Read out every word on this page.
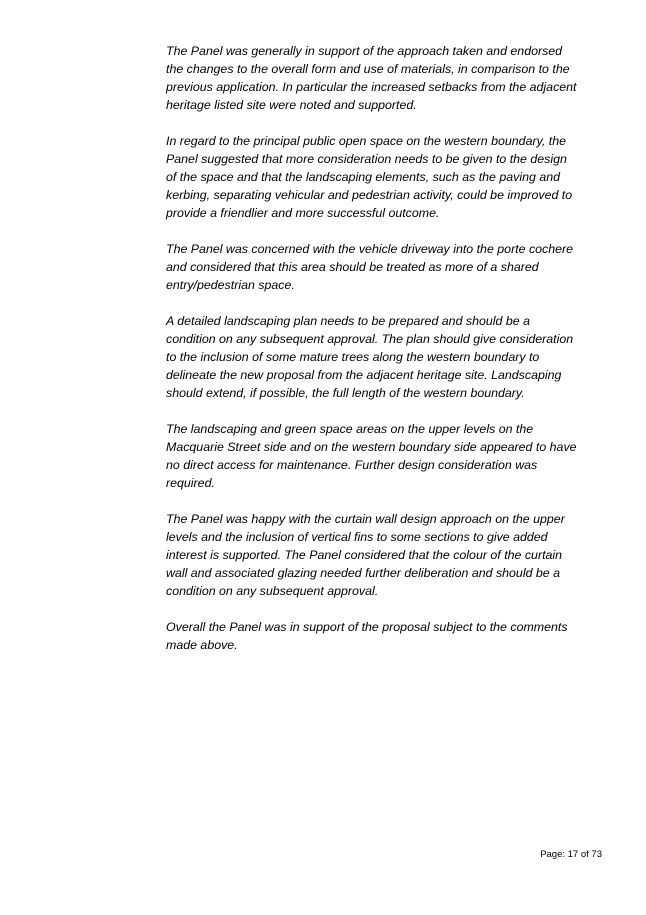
The Panel was generally in support of the approach taken and endorsed
the changes to the overall form and use of materials, in comparison to the
previous application. In particular the increased setbacks from the adjacent
heritage listed site were noted and supported.

In regard to the principal public open space on the western boundary, the
Panel suggested that more consideration needs to be given to the design
of the space and that the landscaping elements, such as the paving and
kerbing, separating vehicular and pedestrian activity, could be improved to
provide a friendlier and more successful outcome.

The Panel was concerned with the vehicle driveway into the porte cochere
and considered that this area should be treated as more of a shared
entry/pedestrian space.

A detailed landscaping plan needs to be prepared and should be a
condition on any subsequent approval. The plan should give consideration
to the inclusion of some mature trees along the western boundary to
delineate the new proposal from the adjacent heritage site. Landscaping
should extend, if possible, the full length of the western boundary.

The landscaping and green space areas on the upper levels on the
Macquarie Street side and on the western boundary side appeared to have
no direct access for maintenance. Further design consideration was
required.

The Panel was happy with the curtain wall design approach on the upper
levels and the inclusion of vertical fins to some sections to give added
interest is supported. The Panel considered that the colour of the curtain
wall and associated glazing needed further deliberation and should be a
condition on any subsequent approval.

Overall the Panel was in support of the proposal subject to the comments
made above.

Page: 17 of 73
